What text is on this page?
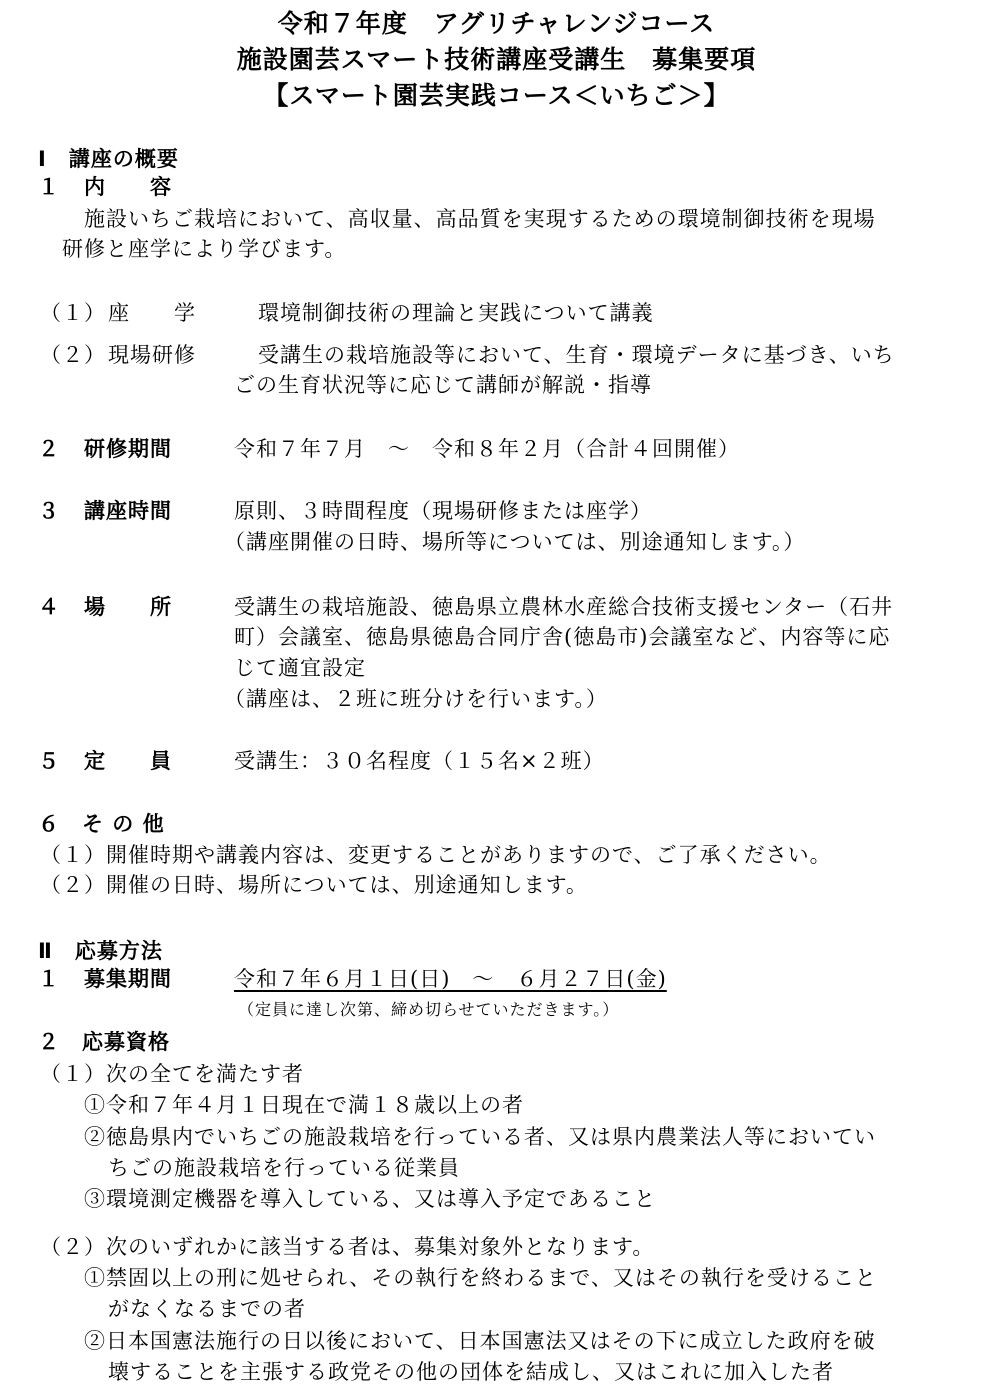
令和７年度　アグリチャレンジコース
施設園芸スマート技術講座受講生　募集要項
【スマート園芸実践コース＜いちご＞】
Ⅰ　講座の概要
１ 内　　容
施設いちご栽培において、高収量、高品質を実現するための環境制御技術を現場
研修と座学により学びます。
（１） 座　　学	環境制御技術の理論と実践について講義
（２） 現場研修	受講生の栽培施設等において、生育・環境データに基づき、いち
ごの生育状況等に応じて講師が解説・指導
２ 研修期間	令和７年７月　～　令和８年２月（合計４回開催）
３ 講座時間	原則、３時間程度（現場研修または座学）
（講座開催の日時、場所等については、別途通知します。）
４ 場　　所	受講生の栽培施設、徳島県立農林水産総合技術支援センター（石井
町）会議室、徳島県徳島合同庁舎(徳島市)会議室など、内容等に応
じて適宜設定
（講座は、２班に班分けを行います。）
５ 定　　員	受講生：３０名程度（１５名×２班）
６　そ の 他
（１）開催時期や講義内容は、変更することがありますので、ご了承ください。
（２）開催の日時、場所については、別途通知します。
Ⅱ　応募方法
１ 募集期間	令和７年６月１日(日)　～　６月２７日(金)
（定員に達し次第、締め切らせていただきます。）
２　応募資格
（１）次の全てを満たす者
①令和７年４月１日現在で満１８歳以上の者
②徳島県内でいちごの施設栽培を行っている者、又は県内農業法人等においてい
ちごの施設栽培を行っている従業員
③環境測定機器を導入している、又は導入予定であること
（２）次のいずれかに該当する者は、募集対象外となります。
①禁固以上の刑に処せられ、その執行を終わるまで、又はその執行を受けること
がなくなるまでの者
②日本国憲法施行の日以後において、日本国憲法又はその下に成立した政府を破
壊することを主張する政党その他の団体を結成し、又はこれに加入した者
